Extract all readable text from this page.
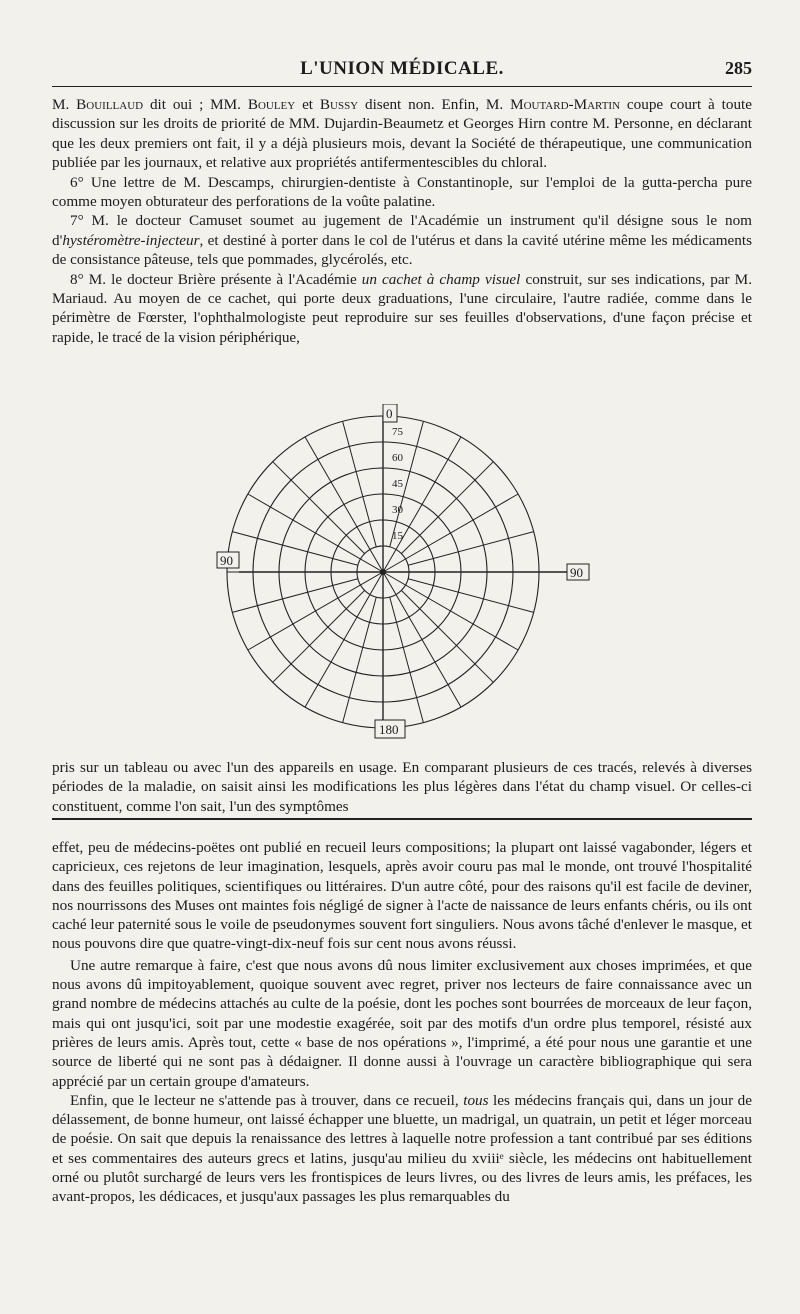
L'UNION MÉDICALE.	285

M. Bouillaud dit oui ; MM. Bouley et Bussy disent non. Enfin, M. Moutard-Martin coupe court à toute discussion sur les droits de priorité de MM. Dujardin-Beaumetz et Georges Hirn contre M. Personne, en déclarant que les deux premiers ont fait, il y a déjà plusieurs mois, devant la Société de thérapeutique, une communication publiée par les journaux, et relative aux propriétés antifermentescibles du chloral.

6° Une lettre de M. Descamps, chirurgien-dentiste à Constantinople, sur l'emploi de la gutta-percha pure comme moyen obturateur des perforations de la voûte palatine.

7° M. le docteur Camuset soumet au jugement de l'Académie un instrument qu'il désigne sous le nom d'hystéromètre-injecteur, et destiné à porter dans le col de l'utérus et dans la cavité utérine même les médicaments de consistance pâteuse, tels que pommades, glycérolés, etc.

8° M. le docteur Brière présente à l'Académie un cachet à champ visuel construit, sur ses indications, par M. Mariaud. Au moyen de ce cachet, qui porte deux graduations, l'une circulaire, l'autre radiée, comme dans le périmètre de Fœrster, l'ophthalmologiste peut reproduire sur ses feuilles d'observations, d'une façon précise et rapide, le tracé de la vision périphérique,

0
75
60
45
30
15
90
90
180

pris sur un tableau ou avec l'un des appareils en usage. En comparant plusieurs de ces tracés, relevés à diverses périodes de la maladie, on saisit ainsi les modifications les plus légères dans l'état du champ visuel. Or celles-ci constituent, comme l'on sait, l'un des symptômes

effet, peu de médecins-poëtes ont publié en recueil leurs compositions; la plupart ont laissé vagabonder, légers et capricieux, ces rejetons de leur imagination, lesquels, après avoir couru pas mal le monde, ont trouvé l'hospitalité dans des feuilles politiques, scientifiques ou littéraires. D'un autre côté, pour des raisons qu'il est facile de deviner, nos nourrissons des Muses ont maintes fois négligé de signer à l'acte de naissance de leurs enfants chéris, ou ils ont caché leur paternité sous le voile de pseudonymes souvent fort singuliers. Nous avons tâché d'enlever le masque, et nous pouvons dire que quatre-vingt-dix-neuf fois sur cent nous avons réussi.

Une autre remarque à faire, c'est que nous avons dû nous limiter exclusivement aux choses imprimées, et que nous avons dû impitoyablement, quoique souvent avec regret, priver nos lecteurs de faire connaissance avec un grand nombre de médecins attachés au culte de la poésie, dont les poches sont bourrées de morceaux de leur façon, mais qui ont jusqu'ici, soit par une modestie exagérée, soit par des motifs d'un ordre plus temporel, résisté aux prières de leurs amis. Après tout, cette « base de nos opérations », l'imprimé, a été pour nous une garantie et une source de liberté qui ne sont pas à dédaigner. Il donne aussi à l'ouvrage un caractère bibliographique qui sera apprécié par un certain groupe d'amateurs.

Enfin, que le lecteur ne s'attende pas à trouver, dans ce recueil, tous les médecins français qui, dans un jour de délassement, de bonne humeur, ont laissé échapper une bluette, un madrigal, un quatrain, un petit et léger morceau de poésie. On sait que depuis la renaissance des lettres à laquelle notre profession a tant contribué par ses éditions et ses commentaires des auteurs grecs et latins, jusqu'au milieu du xviiiᵉ siècle, les médecins ont habituellement orné ou plutôt surchargé de leurs vers les frontispices de leurs livres, ou des livres de leurs amis, les préfaces, les avant-propos, les dédicaces, et jusqu'aux passages les plus remarquables du
